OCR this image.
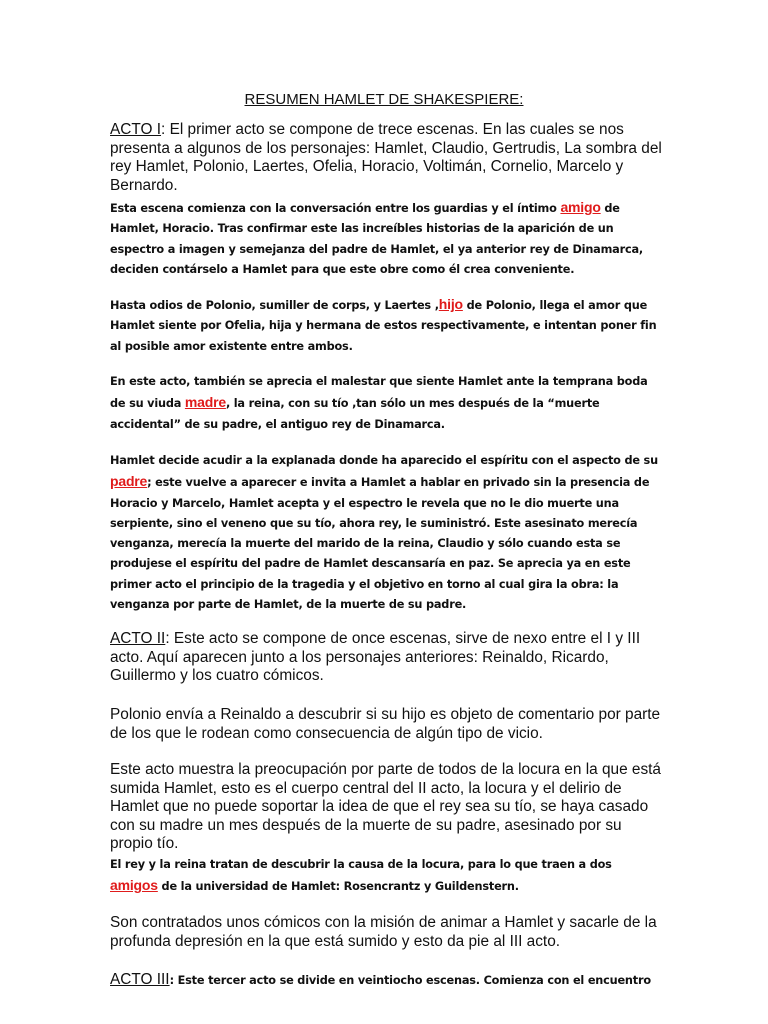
RESUMEN HAMLET DE SHAKESPIERE:

ACTO I: El primer acto se compone de trece escenas. En las cuales se nos presenta a algunos de los personajes: Hamlet, Claudio, Gertrudis, La sombra del rey Hamlet, Polonio, Laertes, Ofelia, Horacio, Voltimán, Cornelio, Marcelo y Bernardo.

Esta escena comienza con la conversación entre los guardias y el íntimo amigo de Hamlet, Horacio. Tras confirmar este las increíbles historias de la aparición de un espectro a imagen y semejanza del padre de Hamlet, el ya anterior rey de Dinamarca, deciden contárselo a Hamlet para que este obre como él crea conveniente.

Hasta odios de Polonio, sumiller de corps, y Laertes ,hijo de Polonio, llega el amor que Hamlet siente por Ofelia, hija y hermana de estos respectivamente, e intentan poner fin al posible amor existente entre ambos.

En este acto, también se aprecia el malestar que siente Hamlet ante la temprana boda de su viuda madre, la reina, con su tío ,tan sólo un mes después de la “muerte accidental” de su padre, el antiguo rey de Dinamarca.

Hamlet decide acudir a la explanada donde ha aparecido el espíritu con el aspecto de su padre; este vuelve a aparecer e invita a Hamlet a hablar en privado sin la presencia de Horacio y Marcelo, Hamlet acepta y el espectro le revela que no le dio muerte una serpiente, sino el veneno que su tío, ahora rey, le suministró. Este asesinato merecía venganza, merecía la muerte del marido de la reina, Claudio y sólo cuando esta se produjese el espíritu del padre de Hamlet descansaría en paz. Se aprecia ya en este primer acto el principio de la tragedia y el objetivo en torno al cual gira la obra: la venganza por parte de Hamlet, de la muerte de su padre.

ACTO II: Este acto se compone de once escenas, sirve de nexo entre el I y III acto. Aquí aparecen junto a los personajes anteriores: Reinaldo, Ricardo, Guillermo y los cuatro cómicos.

Polonio envía a Reinaldo a descubrir si su hijo es objeto de comentario por parte de los que le rodean como consecuencia de algún tipo de vicio.

Este acto muestra la preocupación por parte de todos de la locura en la que está sumida Hamlet, esto es el cuerpo central del II acto, la locura y el delirio de Hamlet que no puede soportar la idea de que el rey sea su tío, se haya casado con su madre un mes después de la muerte de su padre, asesinado por su propio tío.

El rey y la reina tratan de descubrir la causa de la locura, para lo que traen a dos amigos de la universidad de Hamlet: Rosencrantz y Guildenstern.

Son contratados unos cómicos con la misión de animar a Hamlet y sacarle de la profunda depresión en la que está sumido y esto da pie al III acto.

ACTO III: Este tercer acto se divide en veintiocho escenas. Comienza con el encuentro
